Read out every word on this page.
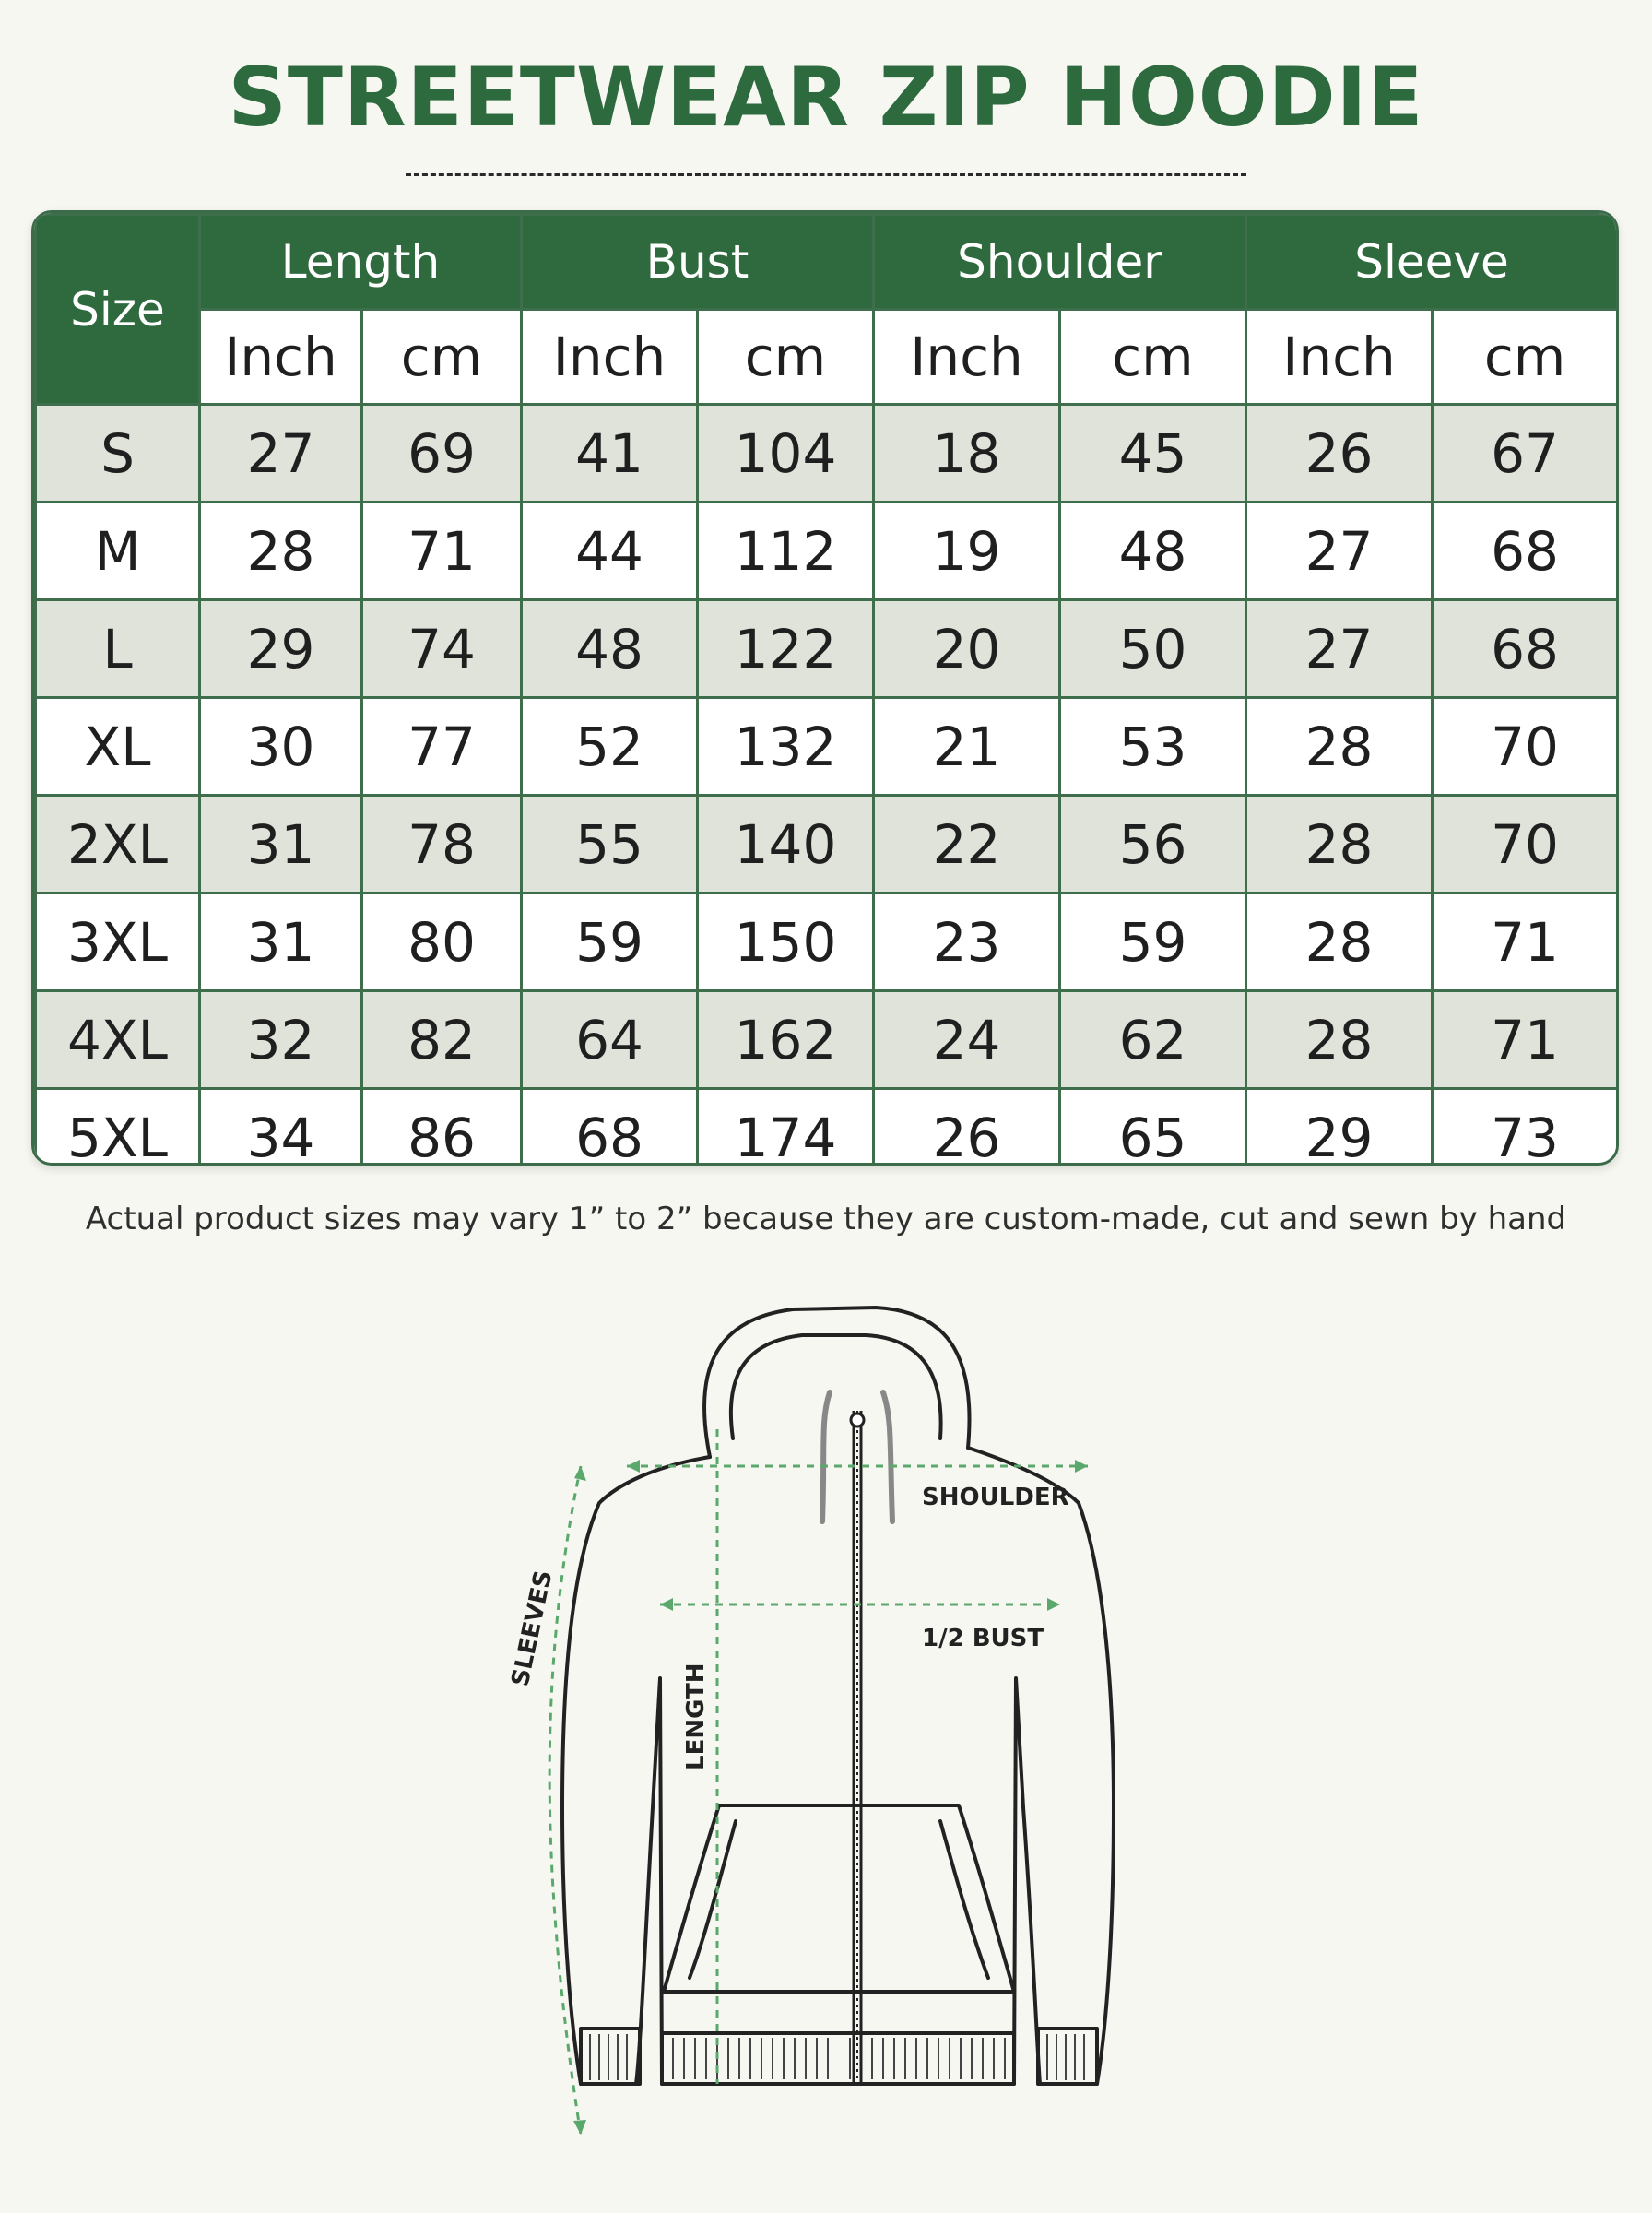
STREETWEAR ZIP HOODIE
Size	Length		Bust		Shoulder		Sleeve	
	Inch	cm	Inch	cm	Inch	cm	Inch	cm
S	27	69	41	104	18	45	26	67
M	28	71	44	112	19	48	27	68
L	29	74	48	122	20	50	27	68
XL	30	77	52	132	21	53	28	70
2XL	31	78	55	140	22	56	28	70
3XL	31	80	59	150	23	59	28	71
4XL	32	82	64	162	24	62	28	71
5XL	34	86	68	174	26	65	29	73
Actual product sizes may vary 1” to 2” because they are custom-made, cut and sewn by hand
SHOULDER
1/2 BUST
LENGTH
SLEEVES
